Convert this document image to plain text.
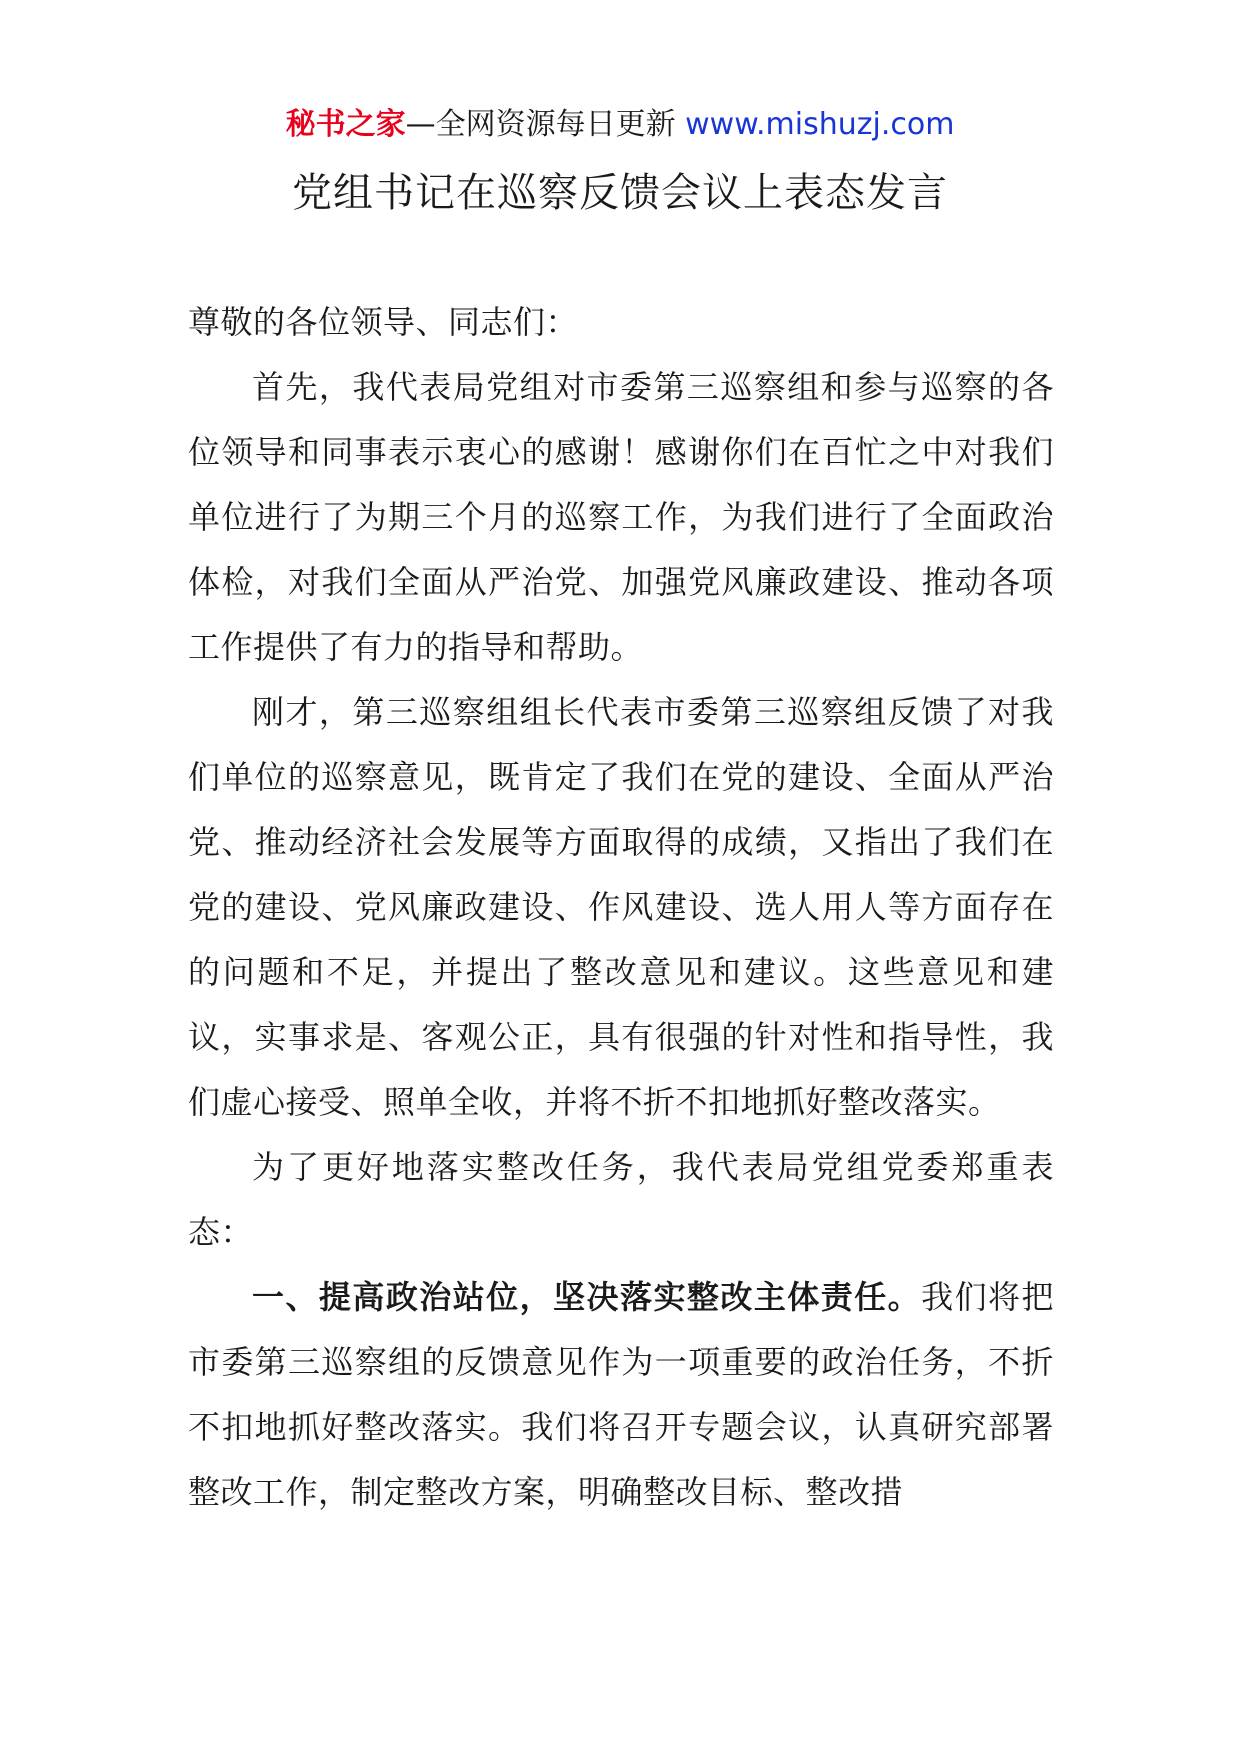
秘书之家—全网资源每日更新 www.mishuzj.com
党组书记在巡察反馈会议上表态发言

尊敬的各位领导、同志们：

首先，我代表局党组对市委第三巡察组和参与巡察的各位领导和同事表示衷心的感谢！感谢你们在百忙之中对我们单位进行了为期三个月的巡察工作，为我们进行了全面政治体检，对我们全面从严治党、加强党风廉政建设、推动各项工作提供了有力的指导和帮助。

刚才，第三巡察组组长代表市委第三巡察组反馈了对我们单位的巡察意见，既肯定了我们在党的建设、全面从严治党、推动经济社会发展等方面取得的成绩，又指出了我们在党的建设、党风廉政建设、作风建设、选人用人等方面存在的问题和不足，并提出了整改意见和建议。这些意见和建议，实事求是、客观公正，具有很强的针对性和指导性，我们虚心接受、照单全收，并将不折不扣地抓好整改落实。

为了更好地落实整改任务，我代表局党组党委郑重表态：

一、提高政治站位，坚决落实整改主体责任。我们将把市委第三巡察组的反馈意见作为一项重要的政治任务，不折不扣地抓好整改落实。我们将召开专题会议，认真研究部署整改工作，制定整改方案，明确整改目标、整改措
